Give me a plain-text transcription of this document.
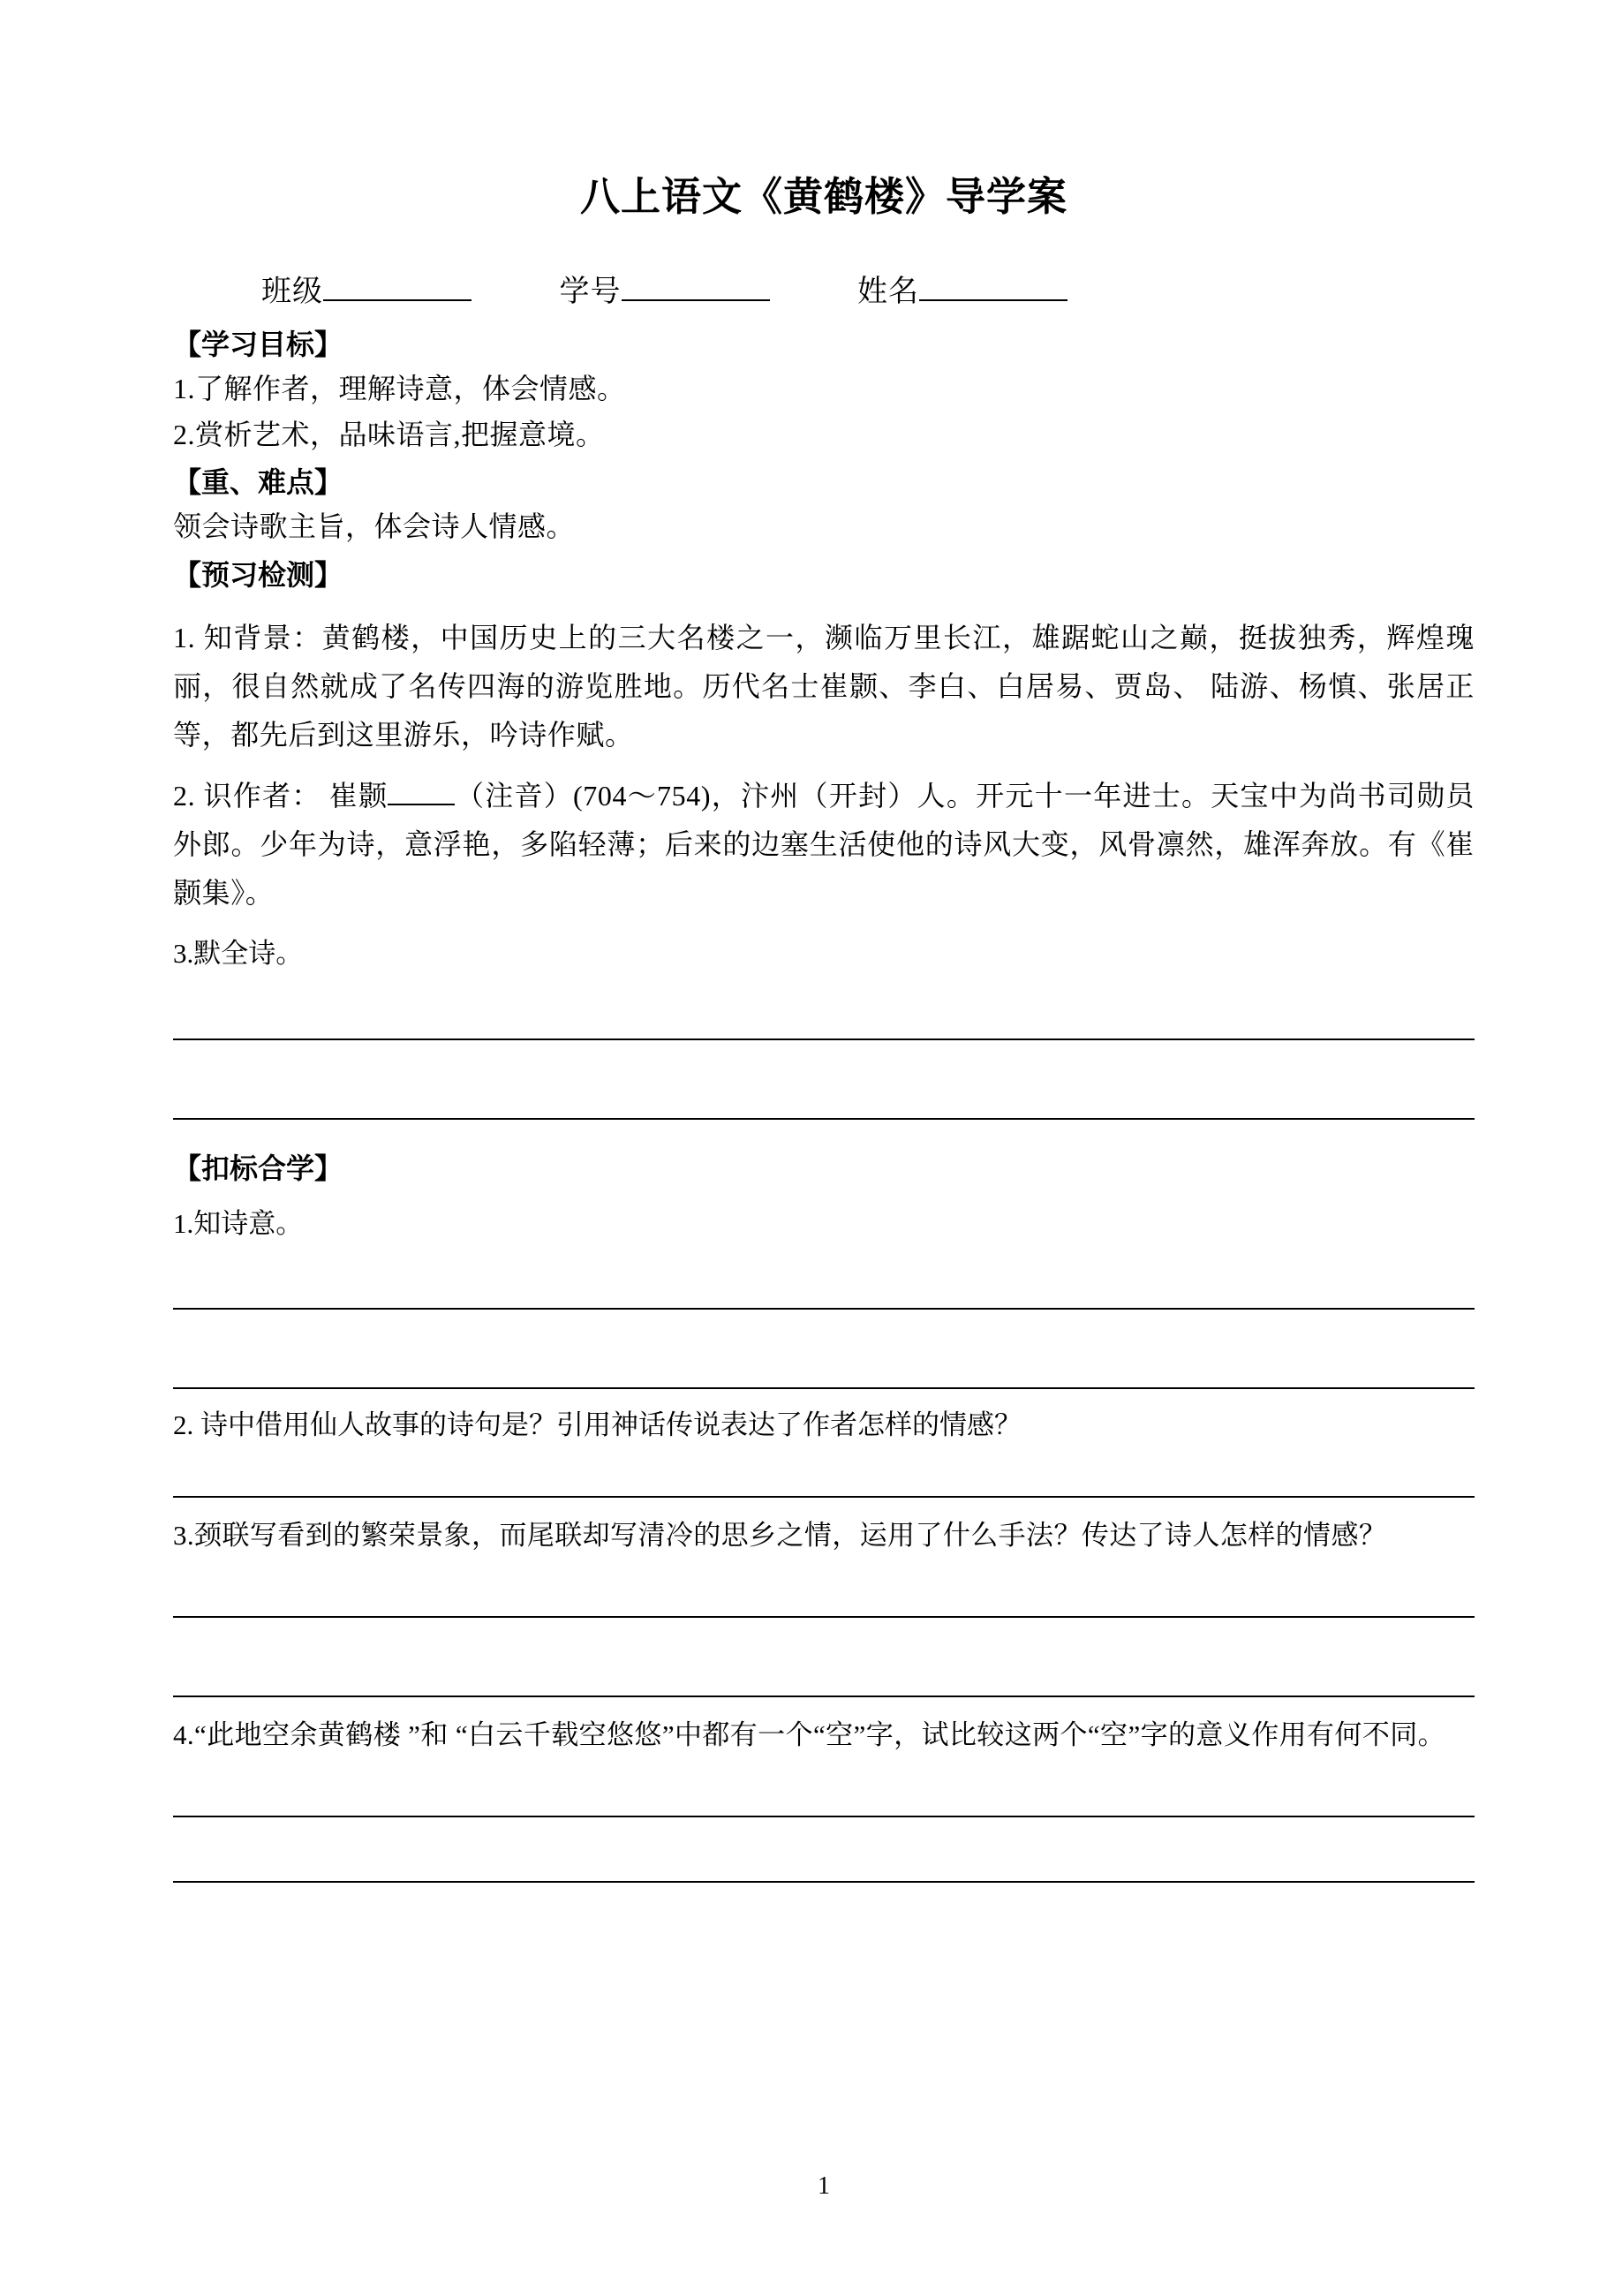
八上语文《黄鹤楼》导学案
班级	学号	姓名
【学习目标】
1.了解作者，理解诗意，体会情感。
2.赏析艺术，品味语言,把握意境。
【重、难点】
领会诗歌主旨，体会诗人情感。
【预习检测】
1. 知背景：黄鹤楼，中国历史上的三大名楼之一，濒临万里长江，雄踞蛇山之巅，挺拔独秀，辉煌瑰丽，很自然就成了名传四海的游览胜地。历代名士崔颢、李白、白居易、贾岛、 陆游、杨慎、张居正等，都先后到这里游乐，吟诗作赋。
2. 识作者： 崔颢 （注音）(704～754)，汴州（开封）人。开元十一年进士。天宝中为尚书司勋员外郎。少年为诗，意浮艳，多陷轻薄；后来的边塞生活使他的诗风大变，风骨凛然，雄浑奔放。有《崔颢集》。
3.默全诗。
【扣标合学】
1.知诗意。
2. 诗中借用仙人故事的诗句是？引用神话传说表达了作者怎样的情感？
3.颈联写看到的繁荣景象，而尾联却写清冷的思乡之情，运用了什么手法？传达了诗人怎样的情感？
4.“此地空余黄鹤楼 ”和 “白云千载空悠悠”中都有一个“空”字，试比较这两个“空”字的意义作用有何不同。
1
